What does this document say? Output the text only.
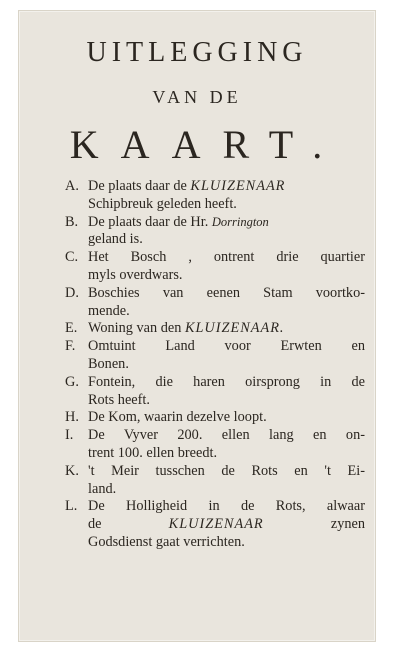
UITLEGGING
VAN DE
KAART.
A. De plaats daar de KLUIZENAAR
Schipbreuk geleden heeft.
B. De plaats daar de Hr. Dorrington
geland is.
C. Het Bosch , ontrent drie quartier
myls overdwars.
D. Boschies van eenen Stam voortko-
mende.
E. Woning van den KLUIZENAAR.
F. Omtuint Land voor Erwten en
Bonen.
G. Fontein, die haren oirsprong in de
Rots heeft.
H. De Kom, waarin dezelve loopt.
I. De Vyver 200. ellen lang en on-
trent 100. ellen breedt.
K. 't Meir tusschen de Rots en 't Ei-
land.
L. De Holligheid in de Rots, alwaar
de KLUIZENAAR zynen
Godsdienst gaat verrichten.
